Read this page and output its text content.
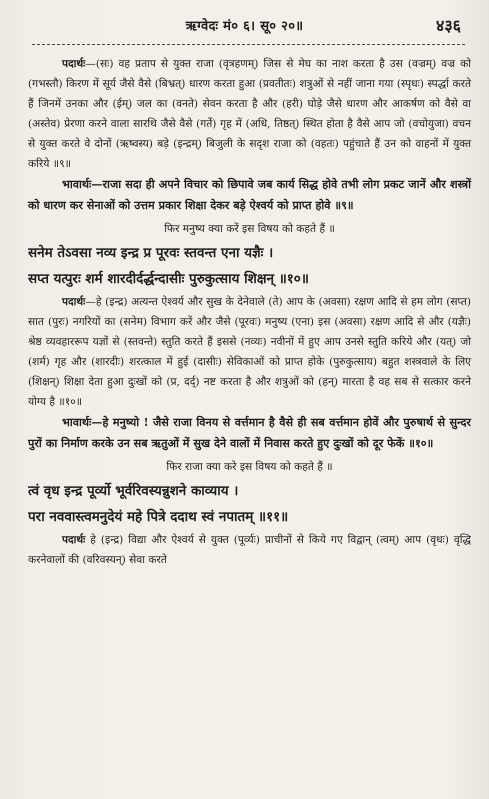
ऋग्वेदः मं० ६। सू० २०॥	४३६

पदार्थः—(सः) वह प्रताप से युक्त राजा (वृत्रहणम्) जिस से मेघ का नाश करता है उस (वज्रम्) वज्र को (गभस्तौ) किरण में सूर्य जैसे वैसे (बिभ्रत्) धारण करता हुआ (प्रवतीतः) शत्रुओं से नहीं जाना गया (स्पृधः) स्पर्द्धा करते हैं जिनमें उनका और (ईम्) जल का (वनते) सेवन करता है और (हरी) घोड़े जैसे धारण और आकर्षण को वैसे वा (अस्तेव) प्रेरणा करने वाला सारथि जैसे वैसे (गर्ते) गृह में (अधि, तिष्ठत्) स्थित होता है वैसे आप जो (वचोयुजा) वचन से युक्त करते वे दोनों (ऋष्वस्य) बड़े (इन्द्रम्) बिजुली के सदृश राजा को (वहतः) पहुंचाते हैं उन को वाहनों में युक्त करिये ॥९॥

भावार्थः—राजा सदा ही अपने विचार को छिपावे जब कार्य सिद्ध होवे तभी लोग प्रकट जानें और शस्त्रों को धारण कर सेनाओं को उत्तम प्रकार शिक्षा देकर बड़े ऐश्वर्य को प्राप्त होवे ॥९॥

फिर मनुष्य क्या करें इस विषय को कहते हैं ॥

सनेम तेऽवसा नव्य इन्द्र प्र पूरवः स्तवन्त एना यज्ञैः ।

सप्त यत्पुरः शर्म शारदीर्दर्द्धन्दासीः पुरुकुत्साय शिक्षन् ॥१०॥

पदार्थः—हे (इन्द्र) अत्यन्त ऐश्वर्य और सुख के देनेवाले (ते) आप के (अवसा) रक्षण आदि से हम लोग (सप्त) सात (पुरः) नगरियों का (सनेम) विभाग करें और जैसे (पूरवः) मनुष्य (एना) इस (अवसा) रक्षण आदि से और (यज्ञैः) श्रेष्ठ व्यवहाररूप यज्ञों से (स्तवन्ते) स्तुति करते हैं इससे (नव्यः) नवीनों में हुए आप उनसे स्तुति करिये और (यत्) जो (शर्म) गृह और (शारदीः) शरत्काल में हुई (दासीः) सेविकाओं को प्राप्त होके (पुरुकुत्साय) बहुत शस्त्रवाले के लिए (शिक्षन्) शिक्षा देता हुआ दुःखों को (प्र, दर्द्) नष्ट करता है और शत्रुओं को (हन्) मारता है वह सब से सत्कार करने योग्य है ॥१०॥

भावार्थः—हे मनुष्यो ! जैसे राजा विनय से वर्त्तमान है वैसे ही सब वर्त्तमान होवें और पुरुषार्थ से सुन्दर पुरों का निर्माण करके उन सब ऋतुओं में सुख देने वालों में निवास करते हुए दुःखों को दूर फेकें ॥१०॥

फिर राजा क्या करे इस विषय को कहते हैं ॥

त्वं वृध इन्द्र पूर्व्यो भूर्वरिवस्यन्नुशने काव्याय ।

परा नववास्त्वमनुदेयं महे पित्रे ददाथ स्वं नपातम् ॥११॥

पदार्थः हे (इन्द्र) विद्या और ऐश्वर्य से युक्त (पूर्व्यः) प्राचीनों से किये गए विद्वान् (त्वम्) आप (वृधः) वृद्धि करनेवालों की (वरिवस्यन्) सेवा करते
